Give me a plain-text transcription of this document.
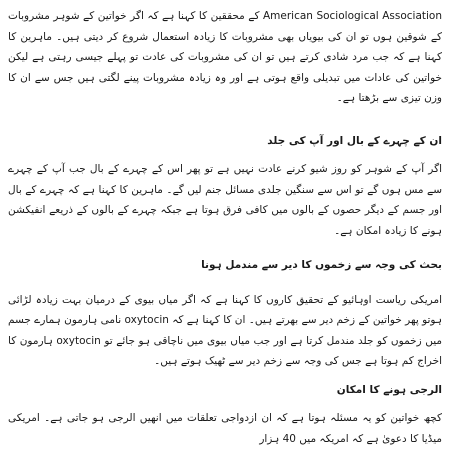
American Sociological Association کے محققین کا کہنا ہے کہ اگر خواتین کے شوہر مشروبات کے شوقین ہوں تو ان کی بیویاں بھی مشروبات کا زیادہ استعمال شروع کر دیتی ہیں۔ ماہرین کا کہنا ہے کہ جب مرد شادی کرتے ہیں تو ان کی مشروبات کی عادت تو پہلے جیسی رہتی ہے لیکن خواتین کی عادات میں تبدیلی واقع ہوتی ہے اور وہ زیادہ مشروبات پینے لگتی ہیں جس سے ان کا وزن تیزی سے بڑھتا ہے۔

ان کے چہرے کے بال اور آپ کی جلد

اگر آپ کے شوہر کو روز شیو کرنے عادت نہیں ہے تو پھر اس کے چہرے کے بال جب آپ کے چہرے سے مس ہوں گے تو اس سے سنگین جلدی مسائل جنم لیں گے۔ ماہرین کا کہنا ہے کہ چہرے کے بال اور جسم کے دیگر حصوں کے بالوں میں کافی فرق ہوتا ہے جبکہ چہرے کے بالوں کے ذریعے انفیکشن ہونے کا زیادہ امکان ہے۔

بحث کی وجہ سے زخموں کا دیر سے مندمل ہونا

امریکی ریاست اوہائیو کے تحقیق کاروں کا کہنا ہے کہ اگر میاں بیوی کے درمیان بہت زیادہ لڑائی ہوتو پھر خواتین کے زخم دیر سے بھرتے ہیں۔ ان کا کہنا ہے کہ oxytocin نامی ہارمون ہمارے جسم میں زخموں کو جلد مندمل کرتا ہے اور جب میاں بیوی میں ناچاقی ہو جائے تو oxytocin ہارمون کا اخراج کم ہوتا ہے جس کی وجہ سے زخم دیر سے ٹھیک ہوتے ہیں۔

الرجی ہونے کا امکان

کچھ خواتین کو یہ مسئلہ ہوتا ہے کہ ان ازدواجی تعلقات میں انھیں الرجی ہو جاتی ہے۔ امریکی میڈیا کا دعویٰ ہے کہ امریکہ میں 40 ہزار
